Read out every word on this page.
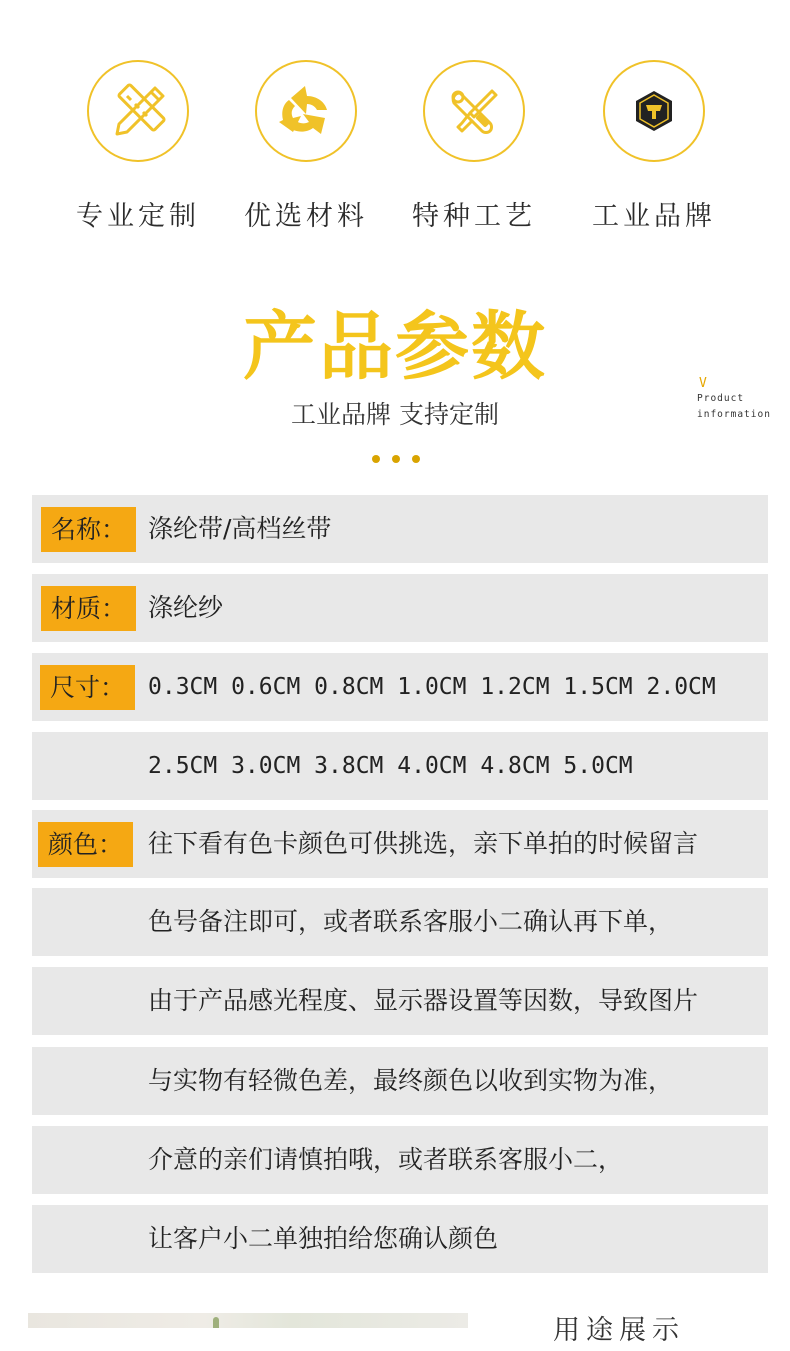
专业定制	优选材料	特种工艺	工业品牌
产品参数
工业品牌 支持定制
V
Product
information
名称： 涤纶带/高档丝带
材质： 涤纶纱
尺寸： 0.3CM 0.6CM 0.8CM 1.0CM 1.2CM 1.5CM 2.0CM
2.5CM 3.0CM 3.8CM 4.0CM 4.8CM 5.0CM
颜色： 往下看有色卡颜色可供挑选，亲下单拍的时候留言
色号备注即可，或者联系客服小二确认再下单，
由于产品感光程度、显示器设置等因数，导致图片
与实物有轻微色差，最终颜色以收到实物为准，
介意的亲们请慎拍哦，或者联系客服小二，
让客户小二单独拍给您确认颜色
用途展示
